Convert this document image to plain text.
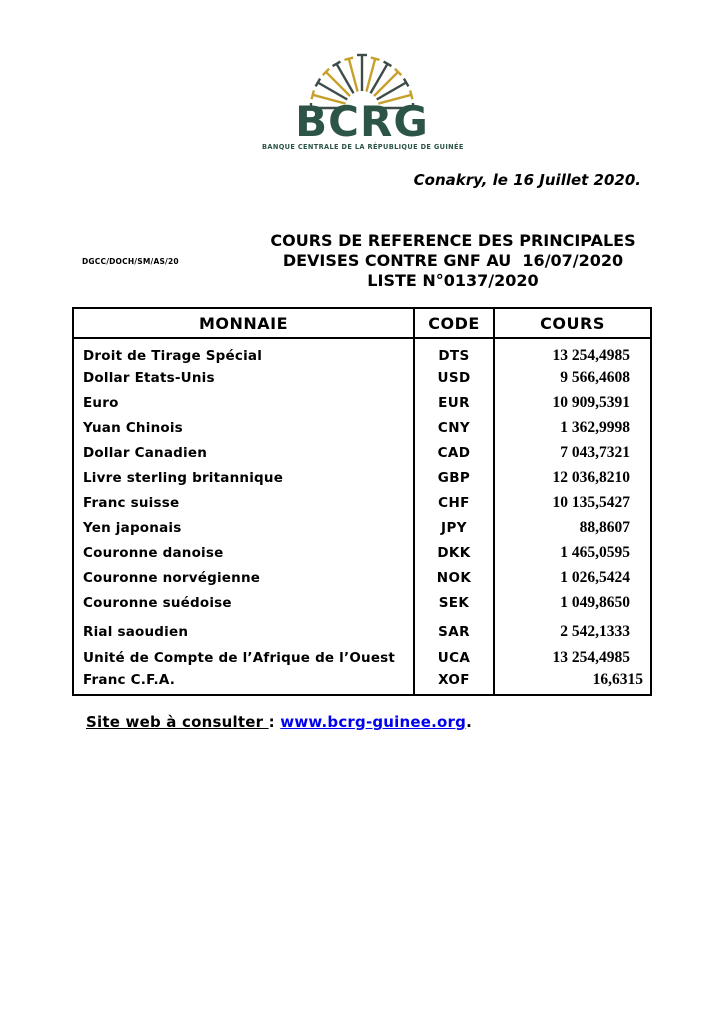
BCRG
BANQUE CENTRALE DE LA RÉPUBLIQUE DE GUINÉE
Conakry, le 16 Juillet 2020.
DGCC/DOCH/SM/AS/20
COURS DE REFERENCE DES PRINCIPALES
DEVISES CONTRE GNF AU  16/07/2020
LISTE N°0137/2020
MONNAIE	CODE	COURS
Droit de Tirage Spécial	DTS	13 254,4985
Dollar Etats-Unis	USD	9 566,4608
Euro	EUR	10 909,5391
Yuan Chinois	CNY	1 362,9998
Dollar Canadien	CAD	7 043,7321
Livre sterling britannique	GBP	12 036,8210
Franc suisse	CHF	10 135,5427
Yen japonais	JPY	88,8607
Couronne danoise	DKK	1 465,0595
Couronne norvégienne	NOK	1 026,5424
Couronne suédoise	SEK	1 049,8650
Rial saoudien	SAR	2 542,1333
Unité de Compte de l’Afrique de l’Ouest	UCA	13 254,4985
Franc C.F.A.	XOF	16,6315
Site web à consulter : www.bcrg-guinee.org.
